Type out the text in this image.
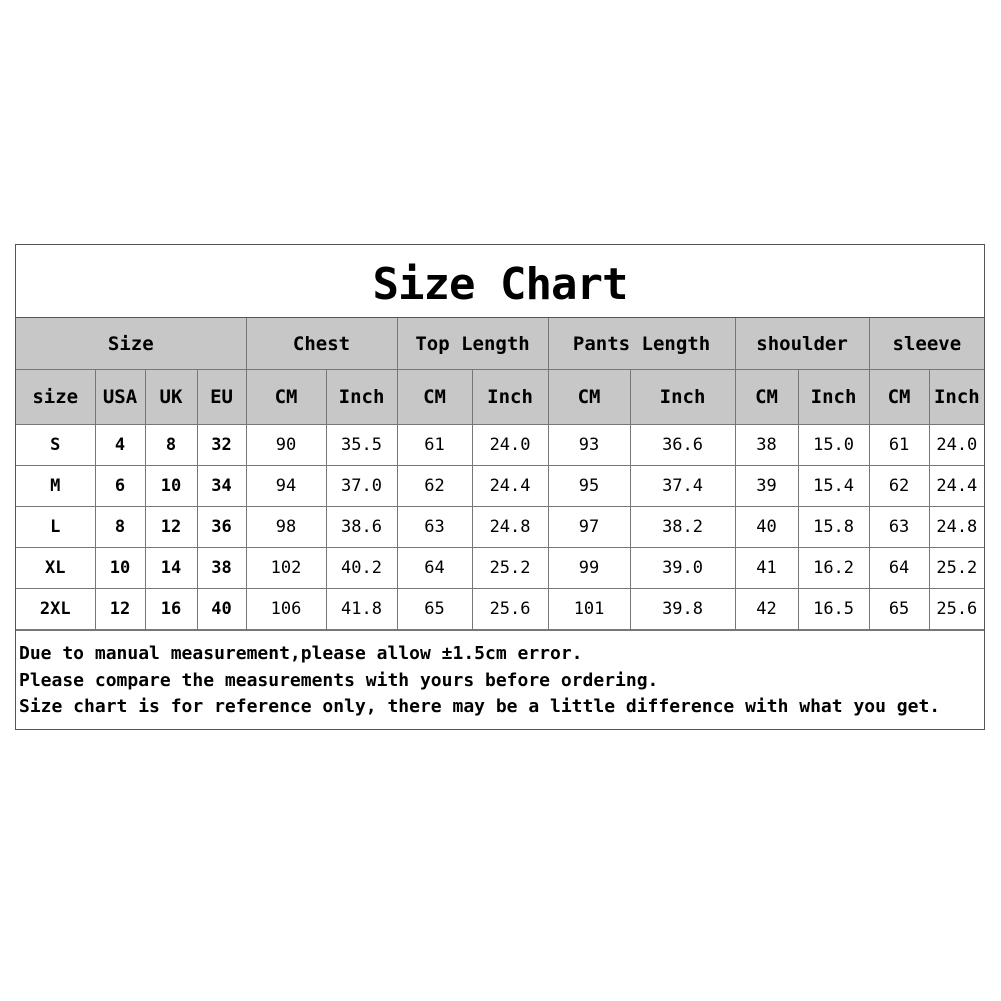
Size Chart
Size				Chest		Top Length		Pants Length		shoulder		sleeve	
size	USA	UK	EU	CM	Inch	CM	Inch	CM	Inch	CM	Inch	CM	Inch
S	4	8	32	90	35.5	61	24.0	93	36.6	38	15.0	61	24.0
M	6	10	34	94	37.0	62	24.4	95	37.4	39	15.4	62	24.4
L	8	12	36	98	38.6	63	24.8	97	38.2	40	15.8	63	24.8
XL	10	14	38	102	40.2	64	25.2	99	39.0	41	16.2	64	25.2
2XL	12	16	40	106	41.8	65	25.6	101	39.8	42	16.5	65	25.6
Due to manual measurement,please allow ±1.5cm error.
Please compare the measurements with yours before ordering.
Size chart is for reference only, there may be a little difference with what you get.
